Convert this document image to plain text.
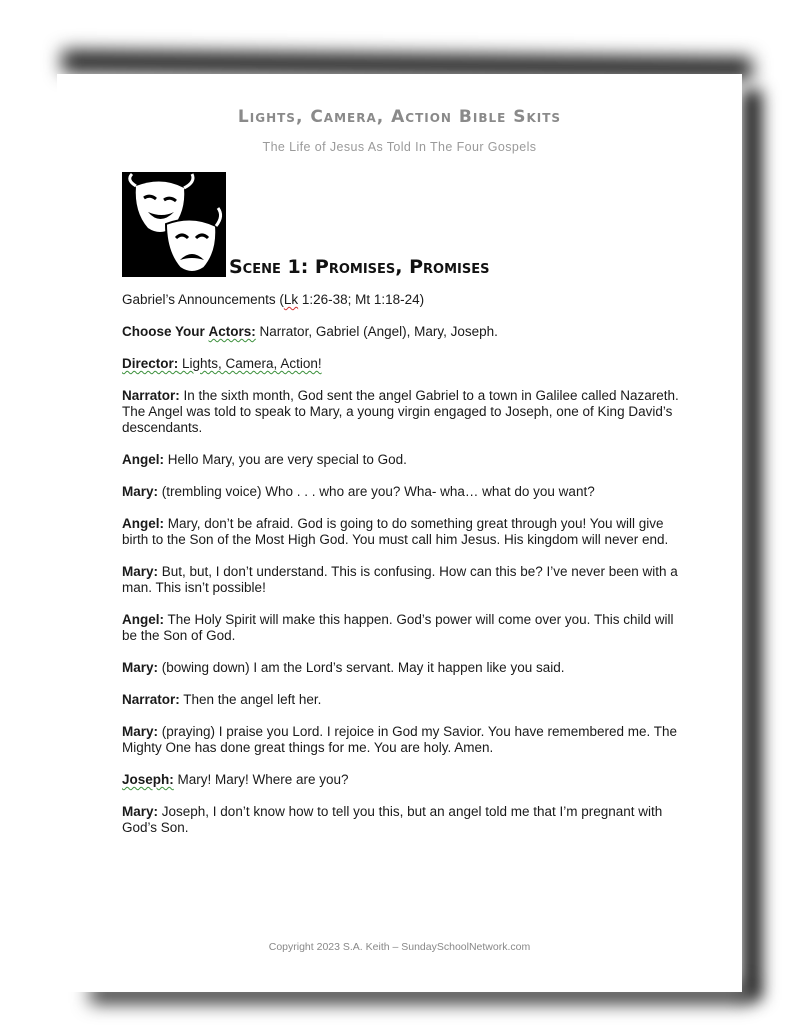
Lights, Camera, Action Bible Skits
The Life of Jesus As Told In The Four Gospels
Scene 1: Promises, Promises

Gabriel’s Announcements (Lk 1:26-38; Mt 1:18-24)

Choose Your Actors: Narrator, Gabriel (Angel), Mary, Joseph.

Director: Lights, Camera, Action!

Narrator: In the sixth month, God sent the angel Gabriel to a town in Galilee called Nazareth. The Angel was told to speak to Mary, a young virgin engaged to Joseph, one of King David’s descendants.

Angel: Hello Mary, you are very special to God.

Mary: (trembling voice) Who . . . who are you? Wha- wha… what do you want?

Angel: Mary, don’t be afraid. God is going to do something great through you! You will give birth to the Son of the Most High God. You must call him Jesus. His kingdom will never end.

Mary: But, but, I don’t understand. This is confusing. How can this be? I’ve never been with a man. This isn’t possible!

Angel: The Holy Spirit will make this happen. God’s power will come over you. This child will be the Son of God.

Mary: (bowing down) I am the Lord’s servant. May it happen like you said.

Narrator: Then the angel left her.

Mary: (praying) I praise you Lord. I rejoice in God my Savior. You have remembered me. The Mighty One has done great things for me. You are holy. Amen.

Joseph: Mary! Mary! Where are you?

Mary: Joseph, I don’t know how to tell you this, but an angel told me that I’m pregnant with God’s Son.

Copyright 2023 S.A. Keith – SundaySchoolNetwork.com
